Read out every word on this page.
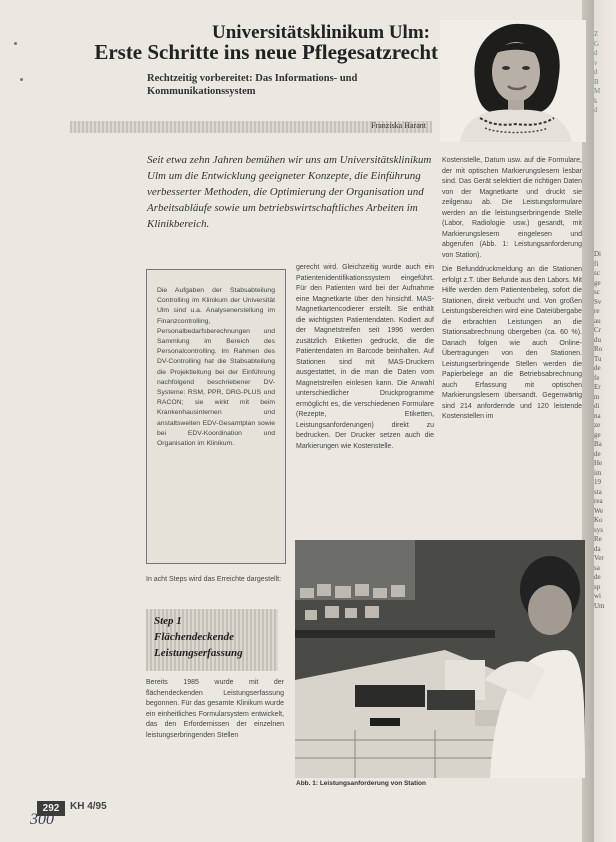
Z
G
d
v
d
B
M
k
d
Di
fi
sc
ge
sc
Sv
re
au
Cr
du
Ro
Tu
de
fe
Er
m
di
na
ze
ge
Ba
de
He
im
19
sta
rea
We
Ko
sys
Re
da
Ver
sa
de
sp
wi
Um
Universitätsklinikum Ulm:
Erste Schritte ins neue Pflegesatzrecht
Rechtzeitig vorbereitet: Das Informations- und Kommunikationssystem
Franziska Harant
Seit etwa zehn Jahren bemühen wir uns am Universitätsklinikum Ulm um die Entwicklung geeigneter Konzepte, die Einführung verbesserter Methoden, die Optimierung der Organisation und Arbeitsabläufe sowie um betriebswirtschaftliches Arbeiten im Klinikbereich.

Kostenstelle, Datum usw. auf die Formulare, der mit optischen Markierungslesern lesbar sind. Das Gerät selektiert die richtigen Daten von der Magnetkarte und druckt sie zeilgenau ab. Die Leistungsformulare werden an die leistungserbringende Stelle (Labor, Radiologie usw.) gesandt, mit Markierungslesern eingelesen und abgerufen (Abb. 1: Leistungsanforderung von Station).

Die Befunddruckmeldung an die Stationen erfolgt z.T. über Befunde aus den Labors. Mit Hilfe werden dem Patientenbeleg, sofort die Stationen, direkt verbucht und. Von großen Leistungsbereichen wird eine Dateiübergabe die erbrachten Leistungen an die Stationsabrechnung übergeben (ca. 60 %). Danach folgen wie auch Online-Übertragungen von den Stationen. Leistungserbringende Stellen werden die Papierbelege an die Betriebsabrechnung auch Erfassung mit optischen Markierungslesern übersandt. Gegenwärtig sind 214 anfordernde und 120 leistende Kostenstellen im

gerecht wird. Gleichzeitig wurde auch ein Patientenidentifikationssystem eingeführt. Für den Patienten wird bei der Aufnahme eine Magnetkarte über den hinsichtl. MAS-Magnetkartencodierer erstellt. Sie enthält die wichtigsten Patientendaten. Kodiert auf der Magnetstreifen seit 1996 werden zusätzlich Etiketten gedruckt, die die Patientendaten im Barcode beinhalten. Auf Stationen sind mit MAS-Druckern ausgestattet, in die man die Daten vom Magnetstreifen einlesen kann. Die Anwahl unterschiedlicher Druckprogramme ermöglicht es, die verschiedenen Formulare (Rezepte, Etiketten, Leistungsanforderungen) direkt zu bedrucken. Der Drucker setzen auch die Markierungen wie Kostenstelle.

Die Aufgaben der Stabsabteilung Controlling im Klinikum der Universität Ulm sind u.a. Analysenerstellung im Finanzcontrolling, Personalbedarfsberechnungen und Sammlung im Bereich des Personalcontrolling. Im Rahmen des DV-Controlling hat die Stabsabteilung die Projektleitung bei der Einführung nachfolgend beschriebener DV-Systeme: RSM, PPR, DRG-PLUS und RACON; sie wirkt mit beim Krankenhausinternen und anstaltsweiten EDV-Gesamtplan sowie bei EDV-Koordination und Organisation im Klinikum.
In acht Steps wird das Erreichte dargestellt:
Step 1
Flächendeckende
Leistungserfassung
Bereits 1985 wurde mit der flächendeckenden Leistungserfassung begonnen. Für das gesamte Klinikum wurde ein einheitliches Formularsystem entwickelt, das den Erfordernissen der einzelnen leistungserbringenden Stellen
Abb. 1: Leistungsanforderung von Station
292	KH 4/95
300
